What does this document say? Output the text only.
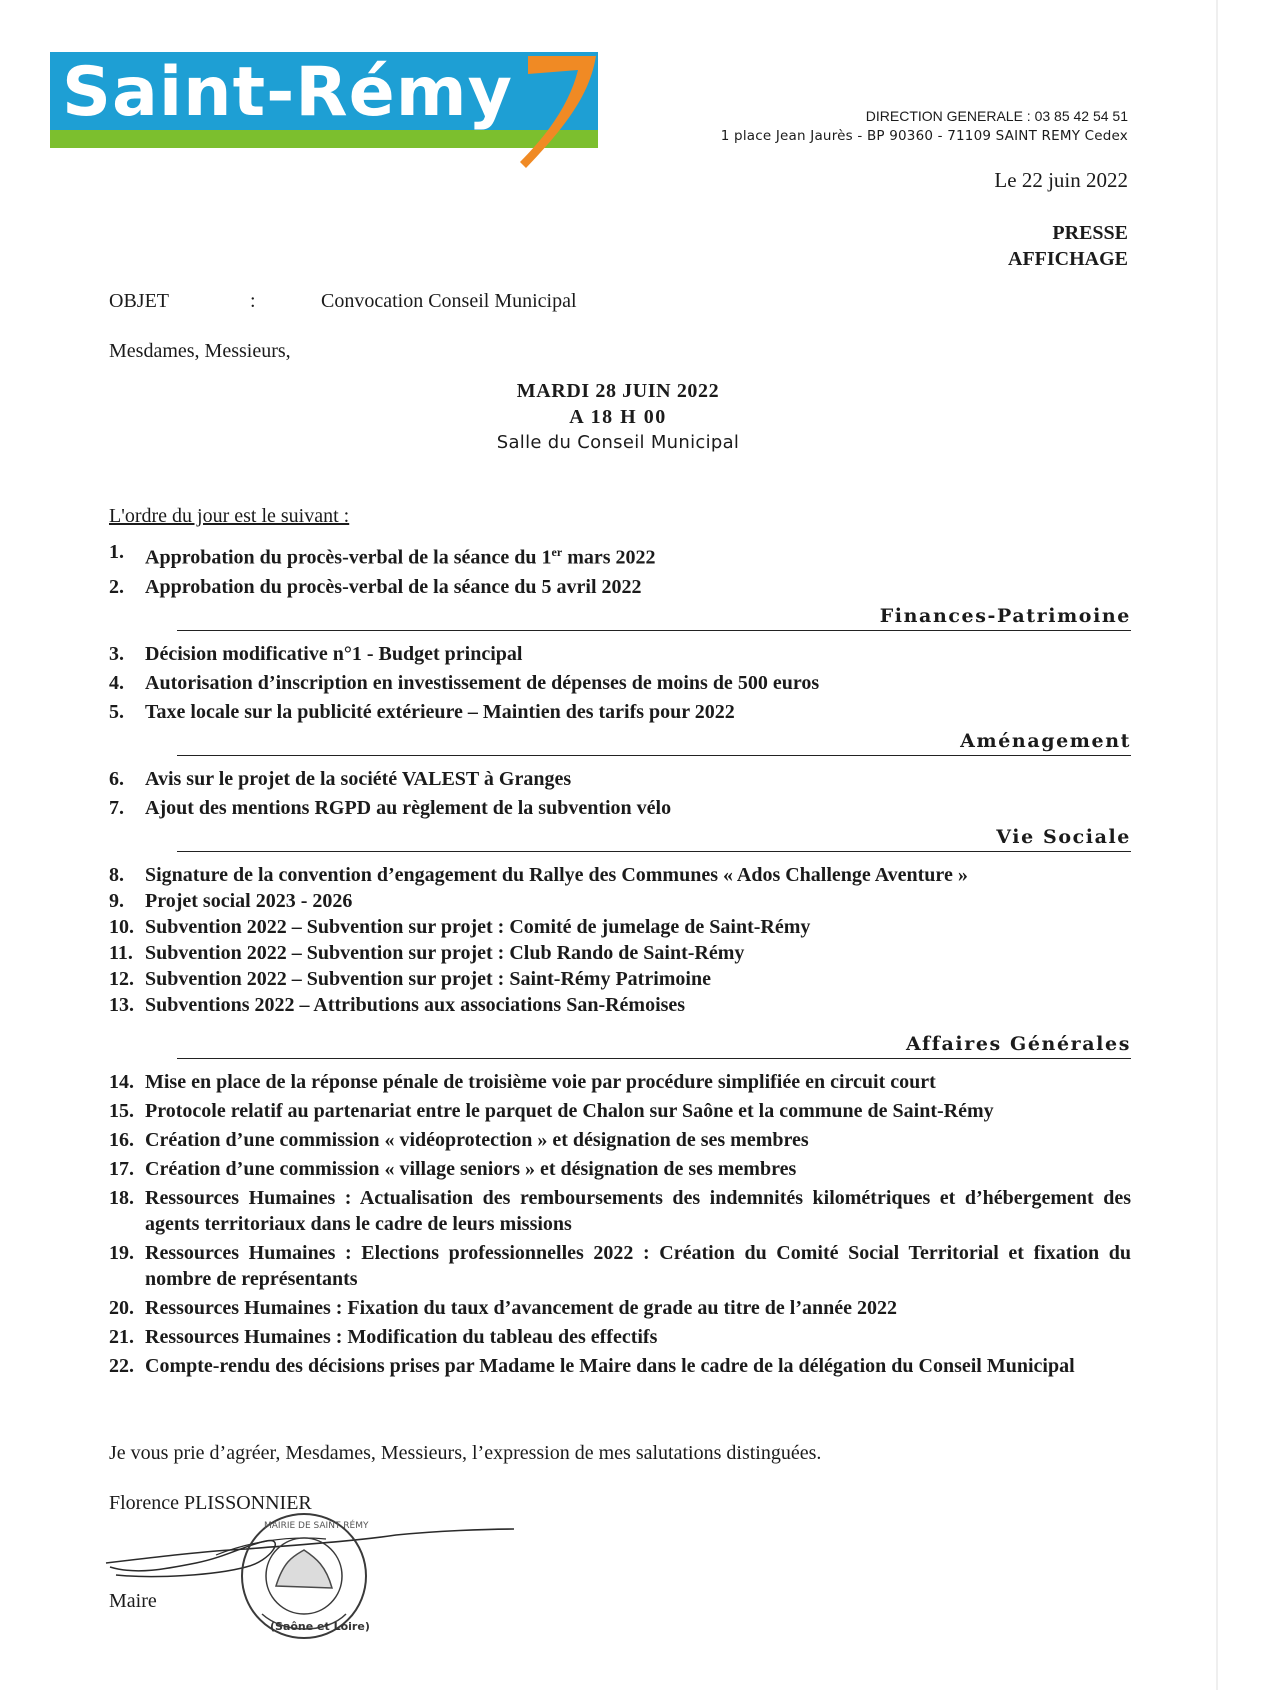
Saint-Rémy	DIRECTION GENERALE : 03 85 42 54 51
1 place Jean Jaurès - BP 90360 - 71109 SAINT REMY Cedex
Le 22 juin 2022
PRESSE
AFFICHAGE
OBJET	:	Convocation Conseil Municipal
Mesdames, Messieurs,
MARDI 28 JUIN 2022
A 18 H 00
Salle du Conseil Municipal
L'ordre du jour est le suivant :
1.	Approbation du procès-verbal de la séance du 1er mars 2022
2.	Approbation du procès-verbal de la séance du 5 avril 2022
Finances-Patrimoine
3.	Décision modificative n°1 - Budget principal
4.	Autorisation d’inscription en investissement de dépenses de moins de 500 euros
5.	Taxe locale sur la publicité extérieure – Maintien des tarifs pour 2022
Aménagement
6.	Avis sur le projet de la société VALEST à Granges
7.	Ajout des mentions RGPD au règlement de la subvention vélo
Vie Sociale
8.	Signature de la convention d’engagement du Rallye des Communes « Ados Challenge Aventure »
9.	Projet social 2023 - 2026
10. Subvention 2022 – Subvention sur projet : Comité de jumelage de Saint-Rémy
11. Subvention 2022 – Subvention sur projet : Club Rando de Saint-Rémy
12. Subvention 2022 – Subvention sur projet : Saint-Rémy Patrimoine
13. Subventions 2022 – Attributions aux associations San-Rémoises
Affaires Générales
14. Mise en place de la réponse pénale de troisième voie par procédure simplifiée en circuit court
15. Protocole relatif au partenariat entre le parquet de Chalon sur Saône et la commune de Saint-Rémy
16. Création d’une commission « vidéoprotection » et désignation de ses membres
17. Création d’une commission « village seniors » et désignation de ses membres
18. Ressources Humaines : Actualisation des remboursements des indemnités kilométriques et d’hébergement des agents territoriaux dans le cadre de leurs missions
19. Ressources Humaines : Elections professionnelles 2022 : Création du Comité Social Territorial et fixation du nombre de représentants
20. Ressources Humaines : Fixation du taux d’avancement de grade au titre de l’année 2022
21. Ressources Humaines : Modification du tableau des effectifs
22. Compte-rendu des décisions prises par Madame le Maire dans le cadre de la délégation du Conseil Municipal
Je vous prie d’agréer, Mesdames, Messieurs, l’expression de mes salutations distinguées.
Florence PLISSONNIER
(Saône et Loire)
MAIRIE DE SAINT RÉMY
Maire
